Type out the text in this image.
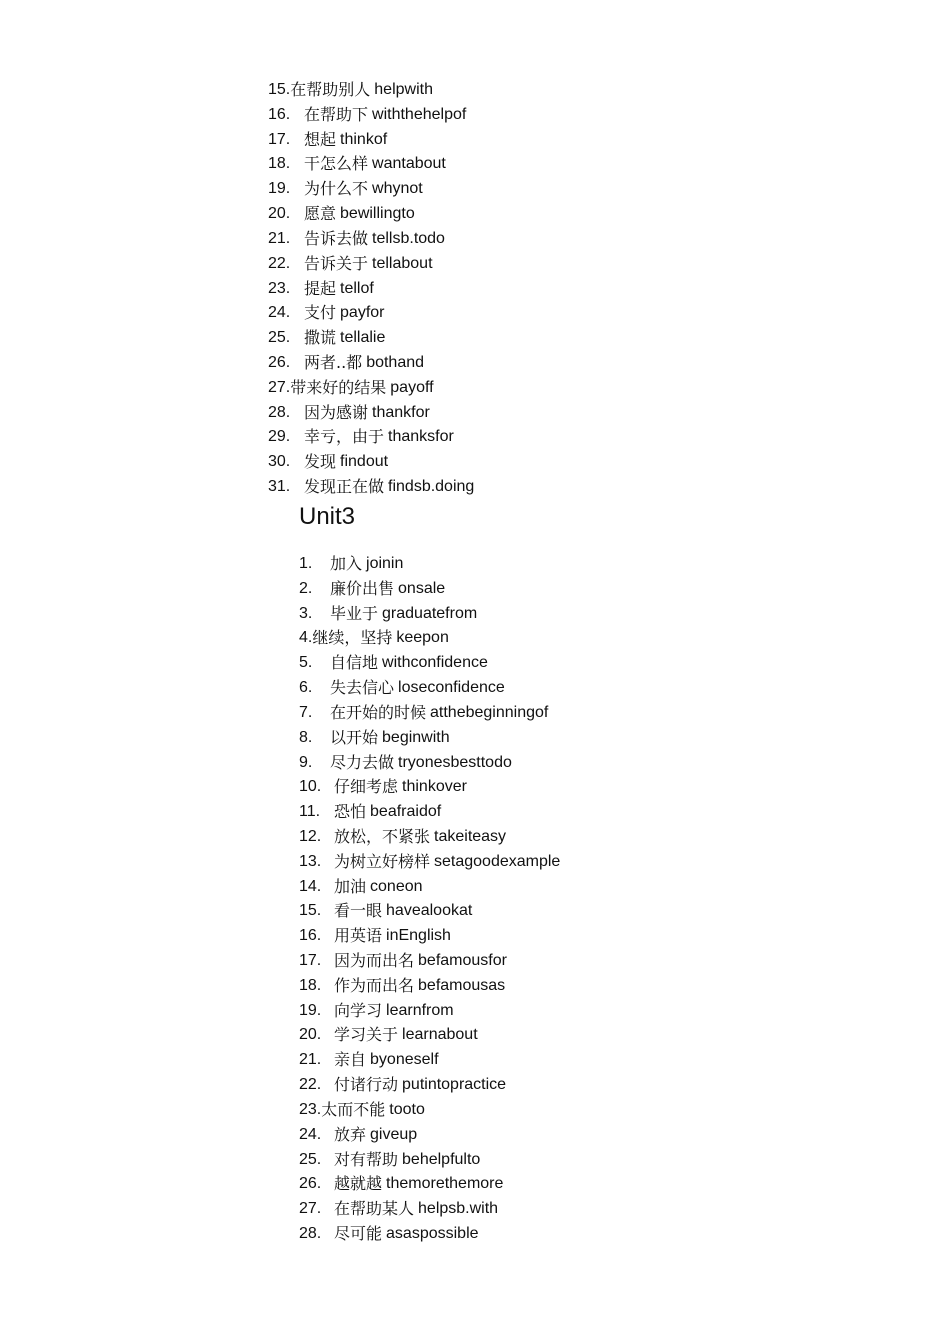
15. 在帮助别人 helpwith
16. 在帮助下 withthehelpof
17. 想起 thinkof
18. 干怎么样 wantabout
19. 为什么不 whynot
20. 愿意 bewillingto
21. 告诉去做 tellsb.todo
22. 告诉关于 tellabout
23. 提起 tellof
24. 支付 payfor
25. 撒谎 tellalie
26. 两者..都 bothand
27. 带来好的结果 payoff
28. 因为感谢 thankfor
29. 幸亏，由于 thanksfor
30. 发现 findout
31. 发现正在做 findsb.doing
Unit3
1.	加入 joinin
2.	廉价出售 onsale
3.	毕业于 graduatefrom
4. 继续，坚持 keepon
5.	自信地 withconfidence
6.	失去信心 loseconfidence
7.	在开始的时候 atthebeginningof
8.	以开始 beginwith
9.	尽力去做 tryonesbesttodo
10. 仔细考虑 thinkover
11. 恐怕 beafraidof
12. 放松，不紧张 takeiteasy
13. 为树立好榜样 setagoodexample
14. 加油 coneon
15. 看一眼 havealookat
16. 用英语 inEnglish
17. 因为而出名 befamousfor
18. 作为而出名 befamousas
19. 向学习 learnfrom
20. 学习关于 learnabout
21. 亲自 byoneself
22. 付诸行动 putintopractice
23. 太而不能 tooto
24. 放弃 giveup
25. 对有帮助 behelpfulto
26. 越就越 themorethemore
27. 在帮助某人 helpsb.with
28. 尽可能 asaspossible
